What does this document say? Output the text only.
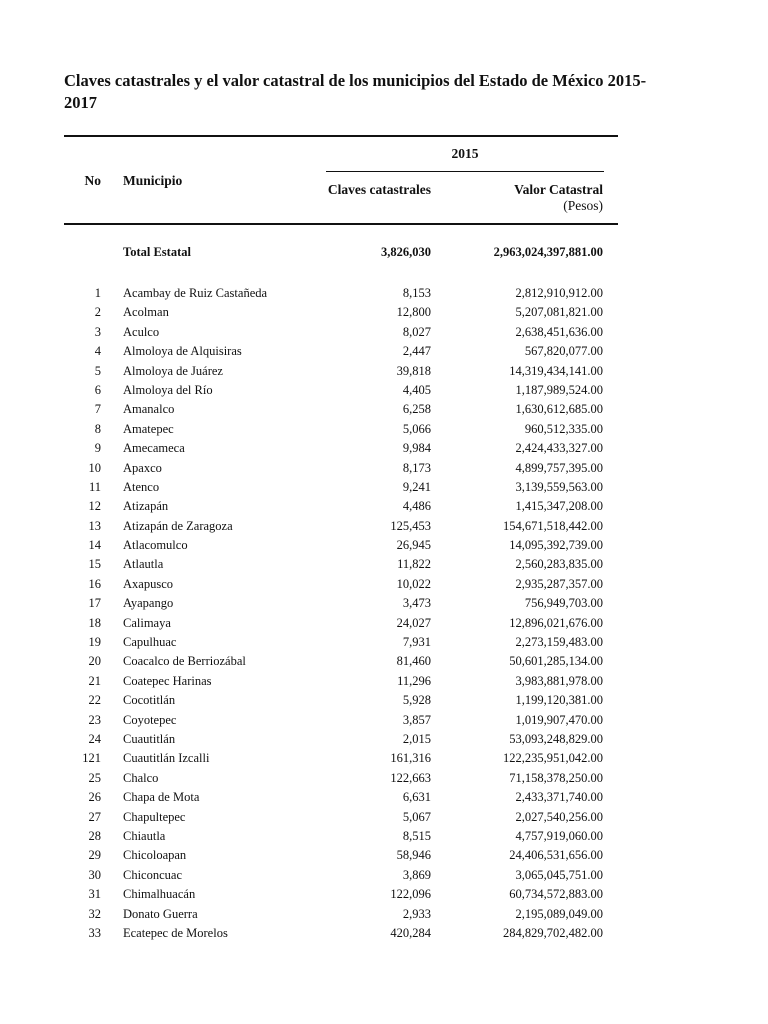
Claves catastrales y el valor catastral de los municipios del Estado de México 2015-2017
2015
No Municipio
Claves catastrales	Valor Catastral
(Pesos)
Total Estatal	3,826,030	2,963,024,397,881.00
1 Acambay de Ruiz Castañeda	8,153	2,812,910,912.00
2 Acolman	12,800	5,207,081,821.00
3 Aculco	8,027	2,638,451,636.00
4 Almoloya de Alquisiras	2,447	567,820,077.00
5 Almoloya de Juárez	39,818	14,319,434,141.00
6 Almoloya del Río	4,405	1,187,989,524.00
7 Amanalco	6,258	1,630,612,685.00
8 Amatepec	5,066	960,512,335.00
9 Amecameca	9,984	2,424,433,327.00
10 Apaxco	8,173	4,899,757,395.00
11 Atenco	9,241	3,139,559,563.00
12 Atizapán	4,486	1,415,347,208.00
13 Atizapán de Zaragoza	125,453	154,671,518,442.00
14 Atlacomulco	26,945	14,095,392,739.00
15 Atlautla	11,822	2,560,283,835.00
16 Axapusco	10,022	2,935,287,357.00
17 Ayapango	3,473	756,949,703.00
18 Calimaya	24,027	12,896,021,676.00
19 Capulhuac	7,931	2,273,159,483.00
20 Coacalco de Berriozábal	81,460	50,601,285,134.00
21 Coatepec Harinas	11,296	3,983,881,978.00
22 Cocotitlán	5,928	1,199,120,381.00
23 Coyotepec	3,857	1,019,907,470.00
24 Cuautitlán	2,015	53,093,248,829.00
121 Cuautitlán Izcalli	161,316	122,235,951,042.00
25 Chalco	122,663	71,158,378,250.00
26 Chapa de Mota	6,631	2,433,371,740.00
27 Chapultepec	5,067	2,027,540,256.00
28 Chiautla	8,515	4,757,919,060.00
29 Chicoloapan	58,946	24,406,531,656.00
30 Chiconcuac	3,869	3,065,045,751.00
31 Chimalhuacán	122,096	60,734,572,883.00
32 Donato Guerra	2,933	2,195,089,049.00
33 Ecatepec de Morelos	420,284	284,829,702,482.00
